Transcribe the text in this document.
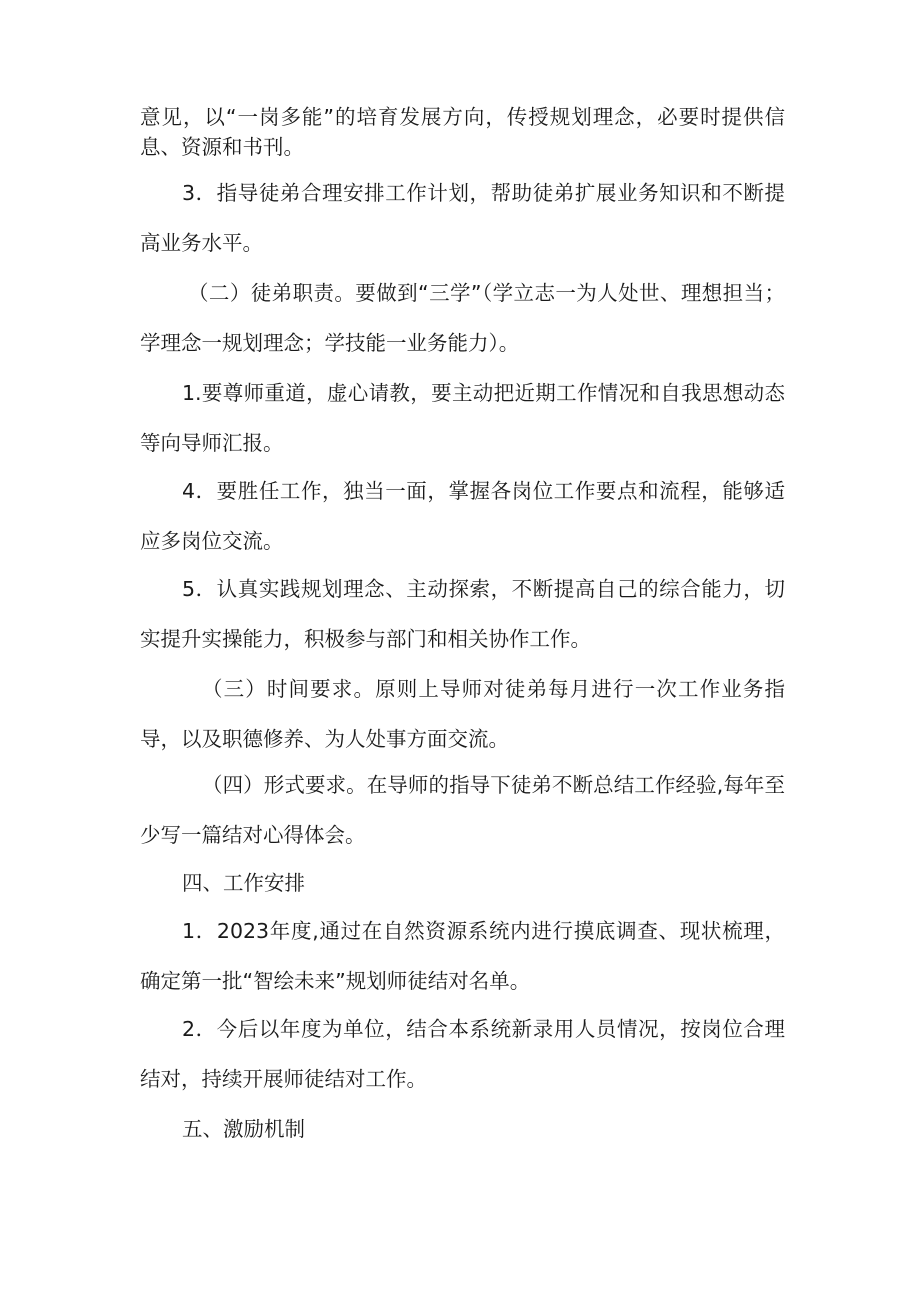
意见，以“一岗多能”的培育发展方向，传授规划理念，必要时提供信息、资源和书刊。

3．指导徒弟合理安排工作计划，帮助徒弟扩展业务知识和不断提高业务水平。

（二）徒弟职责。要做到“三学”（学立志一为人处世、理想担当；学理念一规划理念；学技能一业务能力）。

1.要尊师重道，虚心请教，要主动把近期工作情况和自我思想动态等向导师汇报。

4．要胜任工作，独当一面，掌握各岗位工作要点和流程，能够适应多岗位交流。

5．认真实践规划理念、主动探索，不断提高自己的综合能力，切实提升实操能力，积极参与部门和相关协作工作。

（三）时间要求。原则上导师对徒弟每月进行一次工作业务指导，以及职德修养、为人处事方面交流。

（四）形式要求。在导师的指导下徒弟不断总结工作经验,每年至少写一篇结对心得体会。

四、工作安排

1．2023年度,通过在自然资源系统内进行摸底调查、现状梳理，确定第一批“智绘未来”规划师徒结对名单。

2．今后以年度为单位，结合本系统新录用人员情况，按岗位合理结对，持续开展师徒结对工作。

五、激励机制
